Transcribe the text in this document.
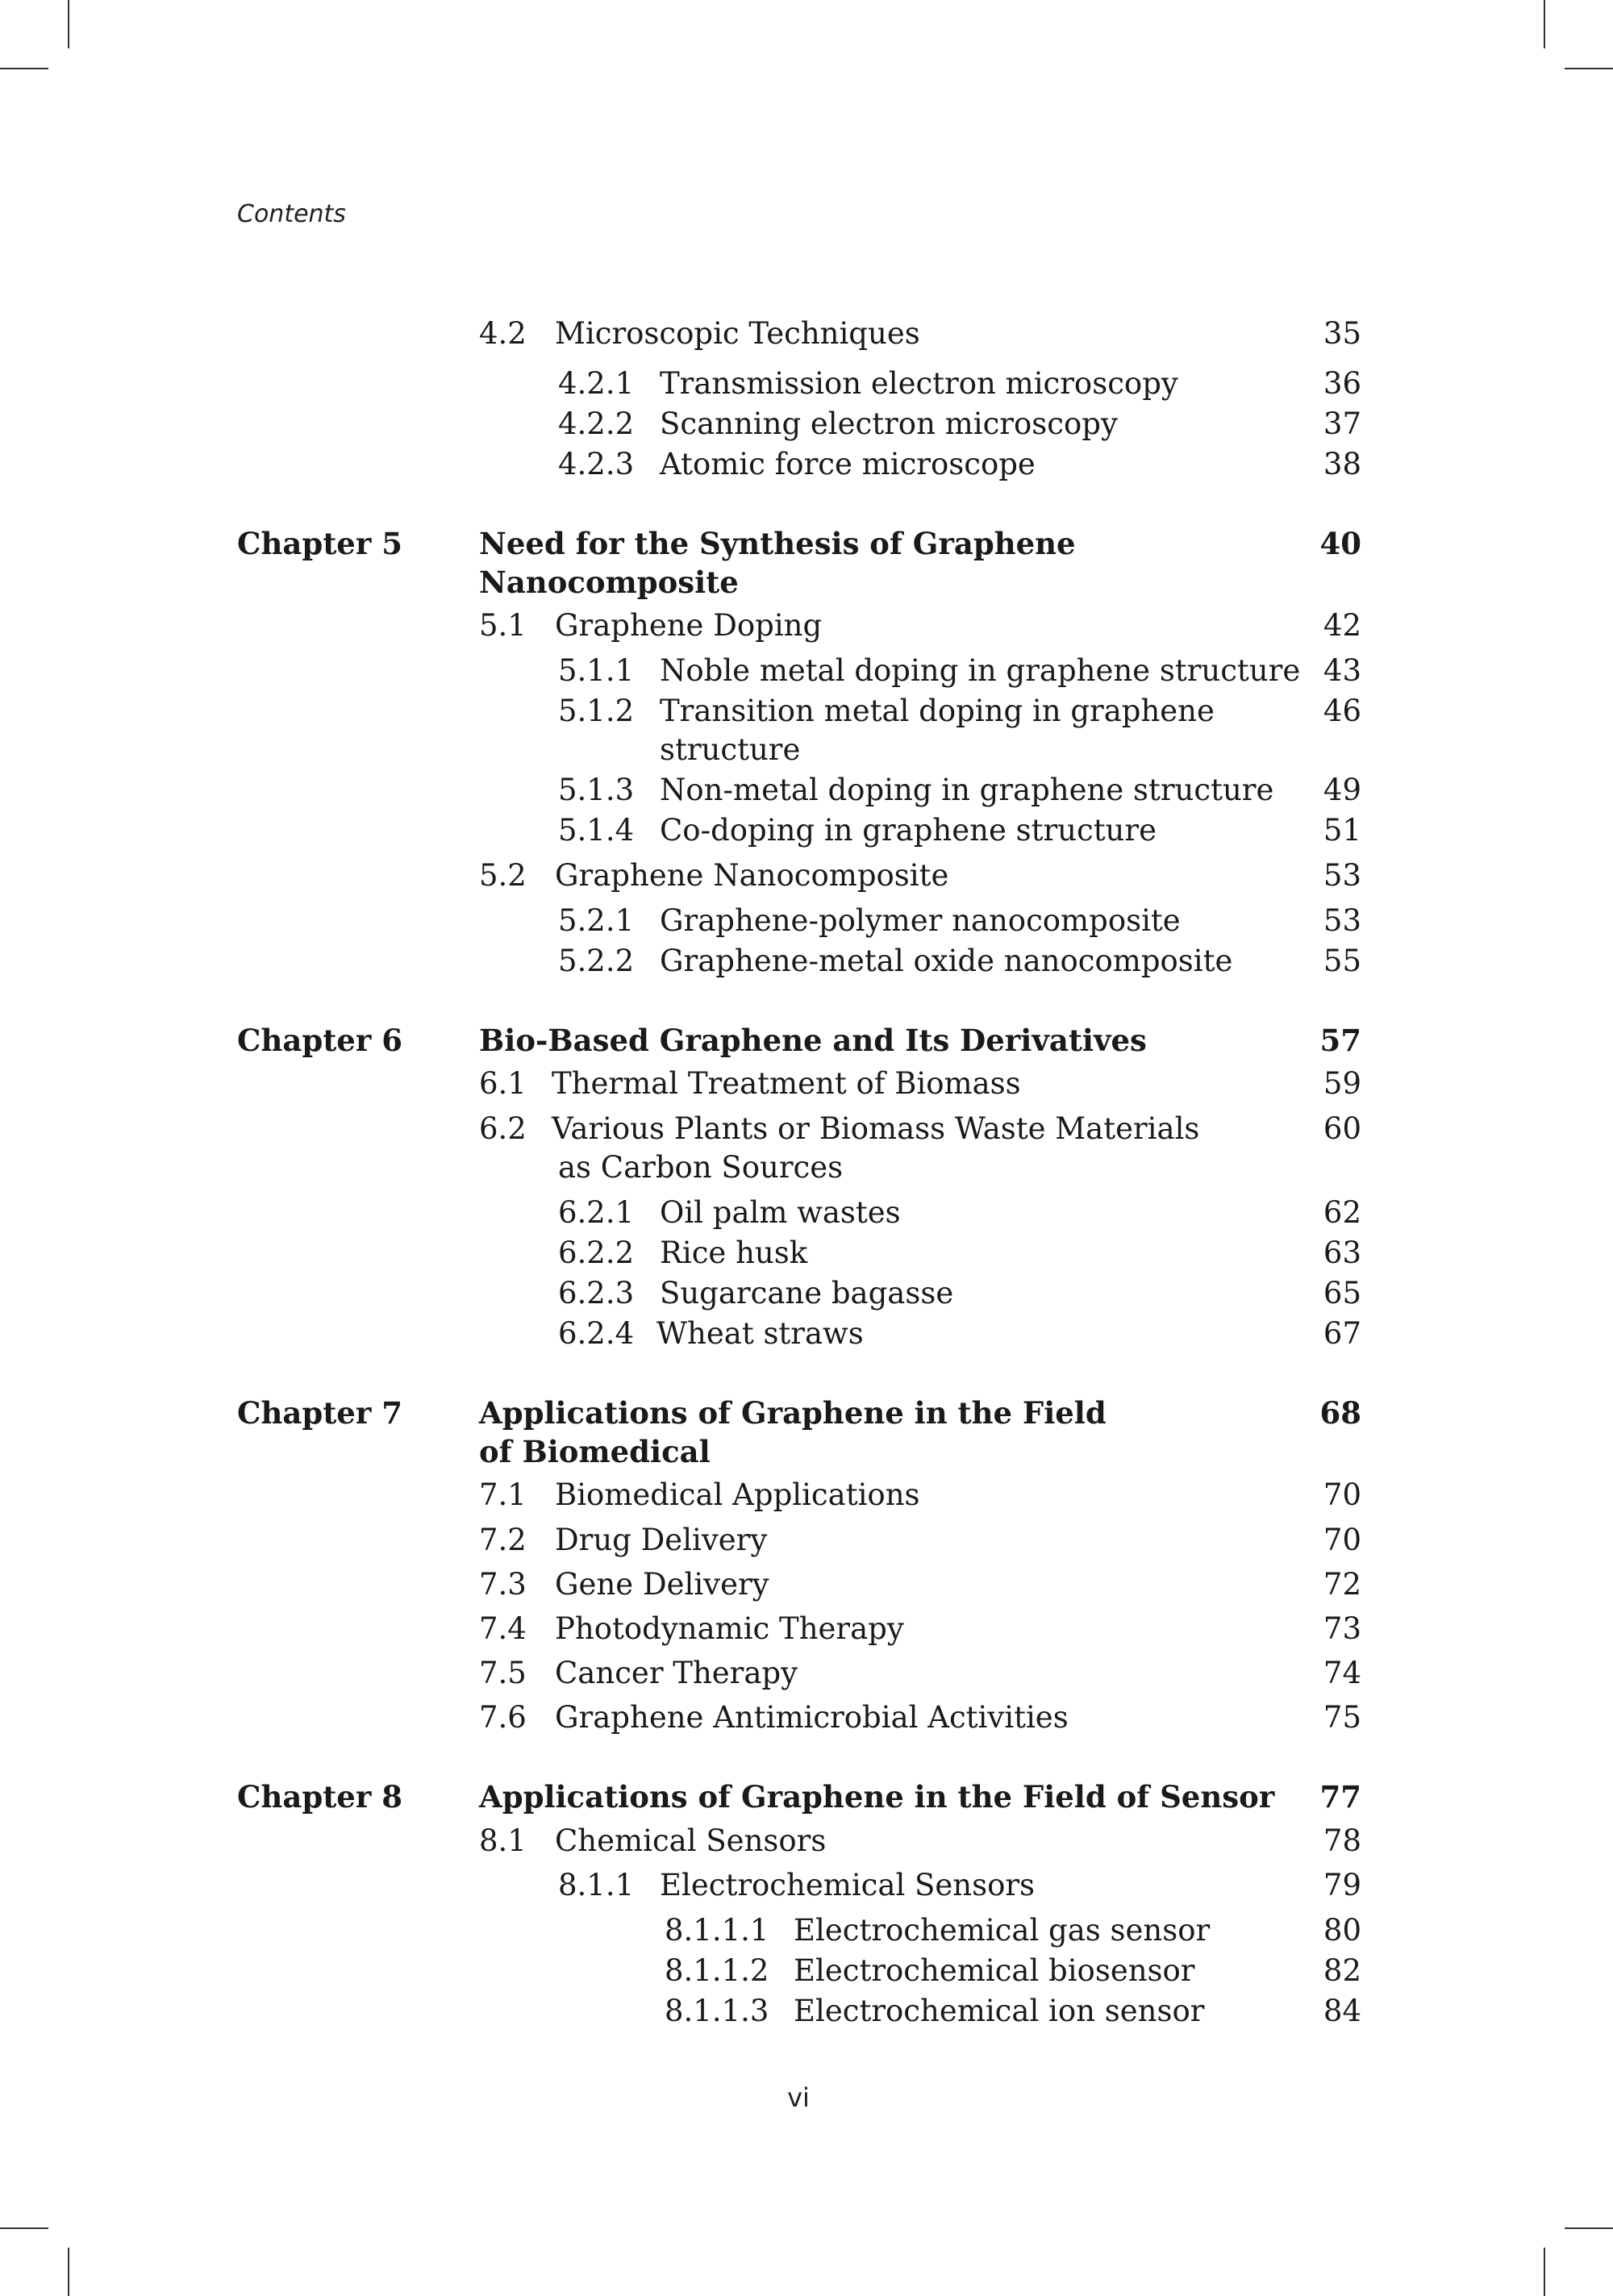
Contents
4.2 Microscopic Techniques	35
4.2.1 Transmission electron microscopy	36
4.2.2 Scanning electron microscopy	37
4.2.3 Atomic force microscope	38
Chapter 5	Need for the Synthesis of Graphene	40
Nanocomposite
5.1 Graphene Doping	42
5.1.1 Noble metal doping in graphene structure 43
5.1.2 Transition metal doping in graphene	46
structure
5.1.3 Non-metal doping in graphene structure 49
5.1.4 Co-doping in graphene structure	51
5.2 Graphene Nanocomposite	53
5.2.1 Graphene-polymer nanocomposite	53
5.2.2 Graphene-metal oxide nanocomposite	55
Chapter 6	Bio-Based Graphene and Its Derivatives	57
6.1 Thermal Treatment of Biomass	59
6.2 Various Plants or Biomass Waste Materials	60
as Carbon Sources
6.2.1 Oil palm wastes	62
6.2.2 Rice husk	63
6.2.3 Sugarcane bagasse	65
6.2.4 Wheat straws	67
Chapter 7	Applications of Graphene in the Field	68
of Biomedical
7.1 Biomedical Applications	70
7.2 Drug Delivery	70
7.3 Gene Delivery	72
7.4 Photodynamic Therapy	73
7.5 Cancer Therapy	74
7.6 Graphene Antimicrobial Activities	75
Chapter 8	Applications of Graphene in the Field of Sensor 77
8.1 Chemical Sensors	78
8.1.1 Electrochemical Sensors	79
8.1.1.1 Electrochemical gas sensor	80
8.1.1.2 Electrochemical biosensor	82
8.1.1.3 Electrochemical ion sensor	84
vi
